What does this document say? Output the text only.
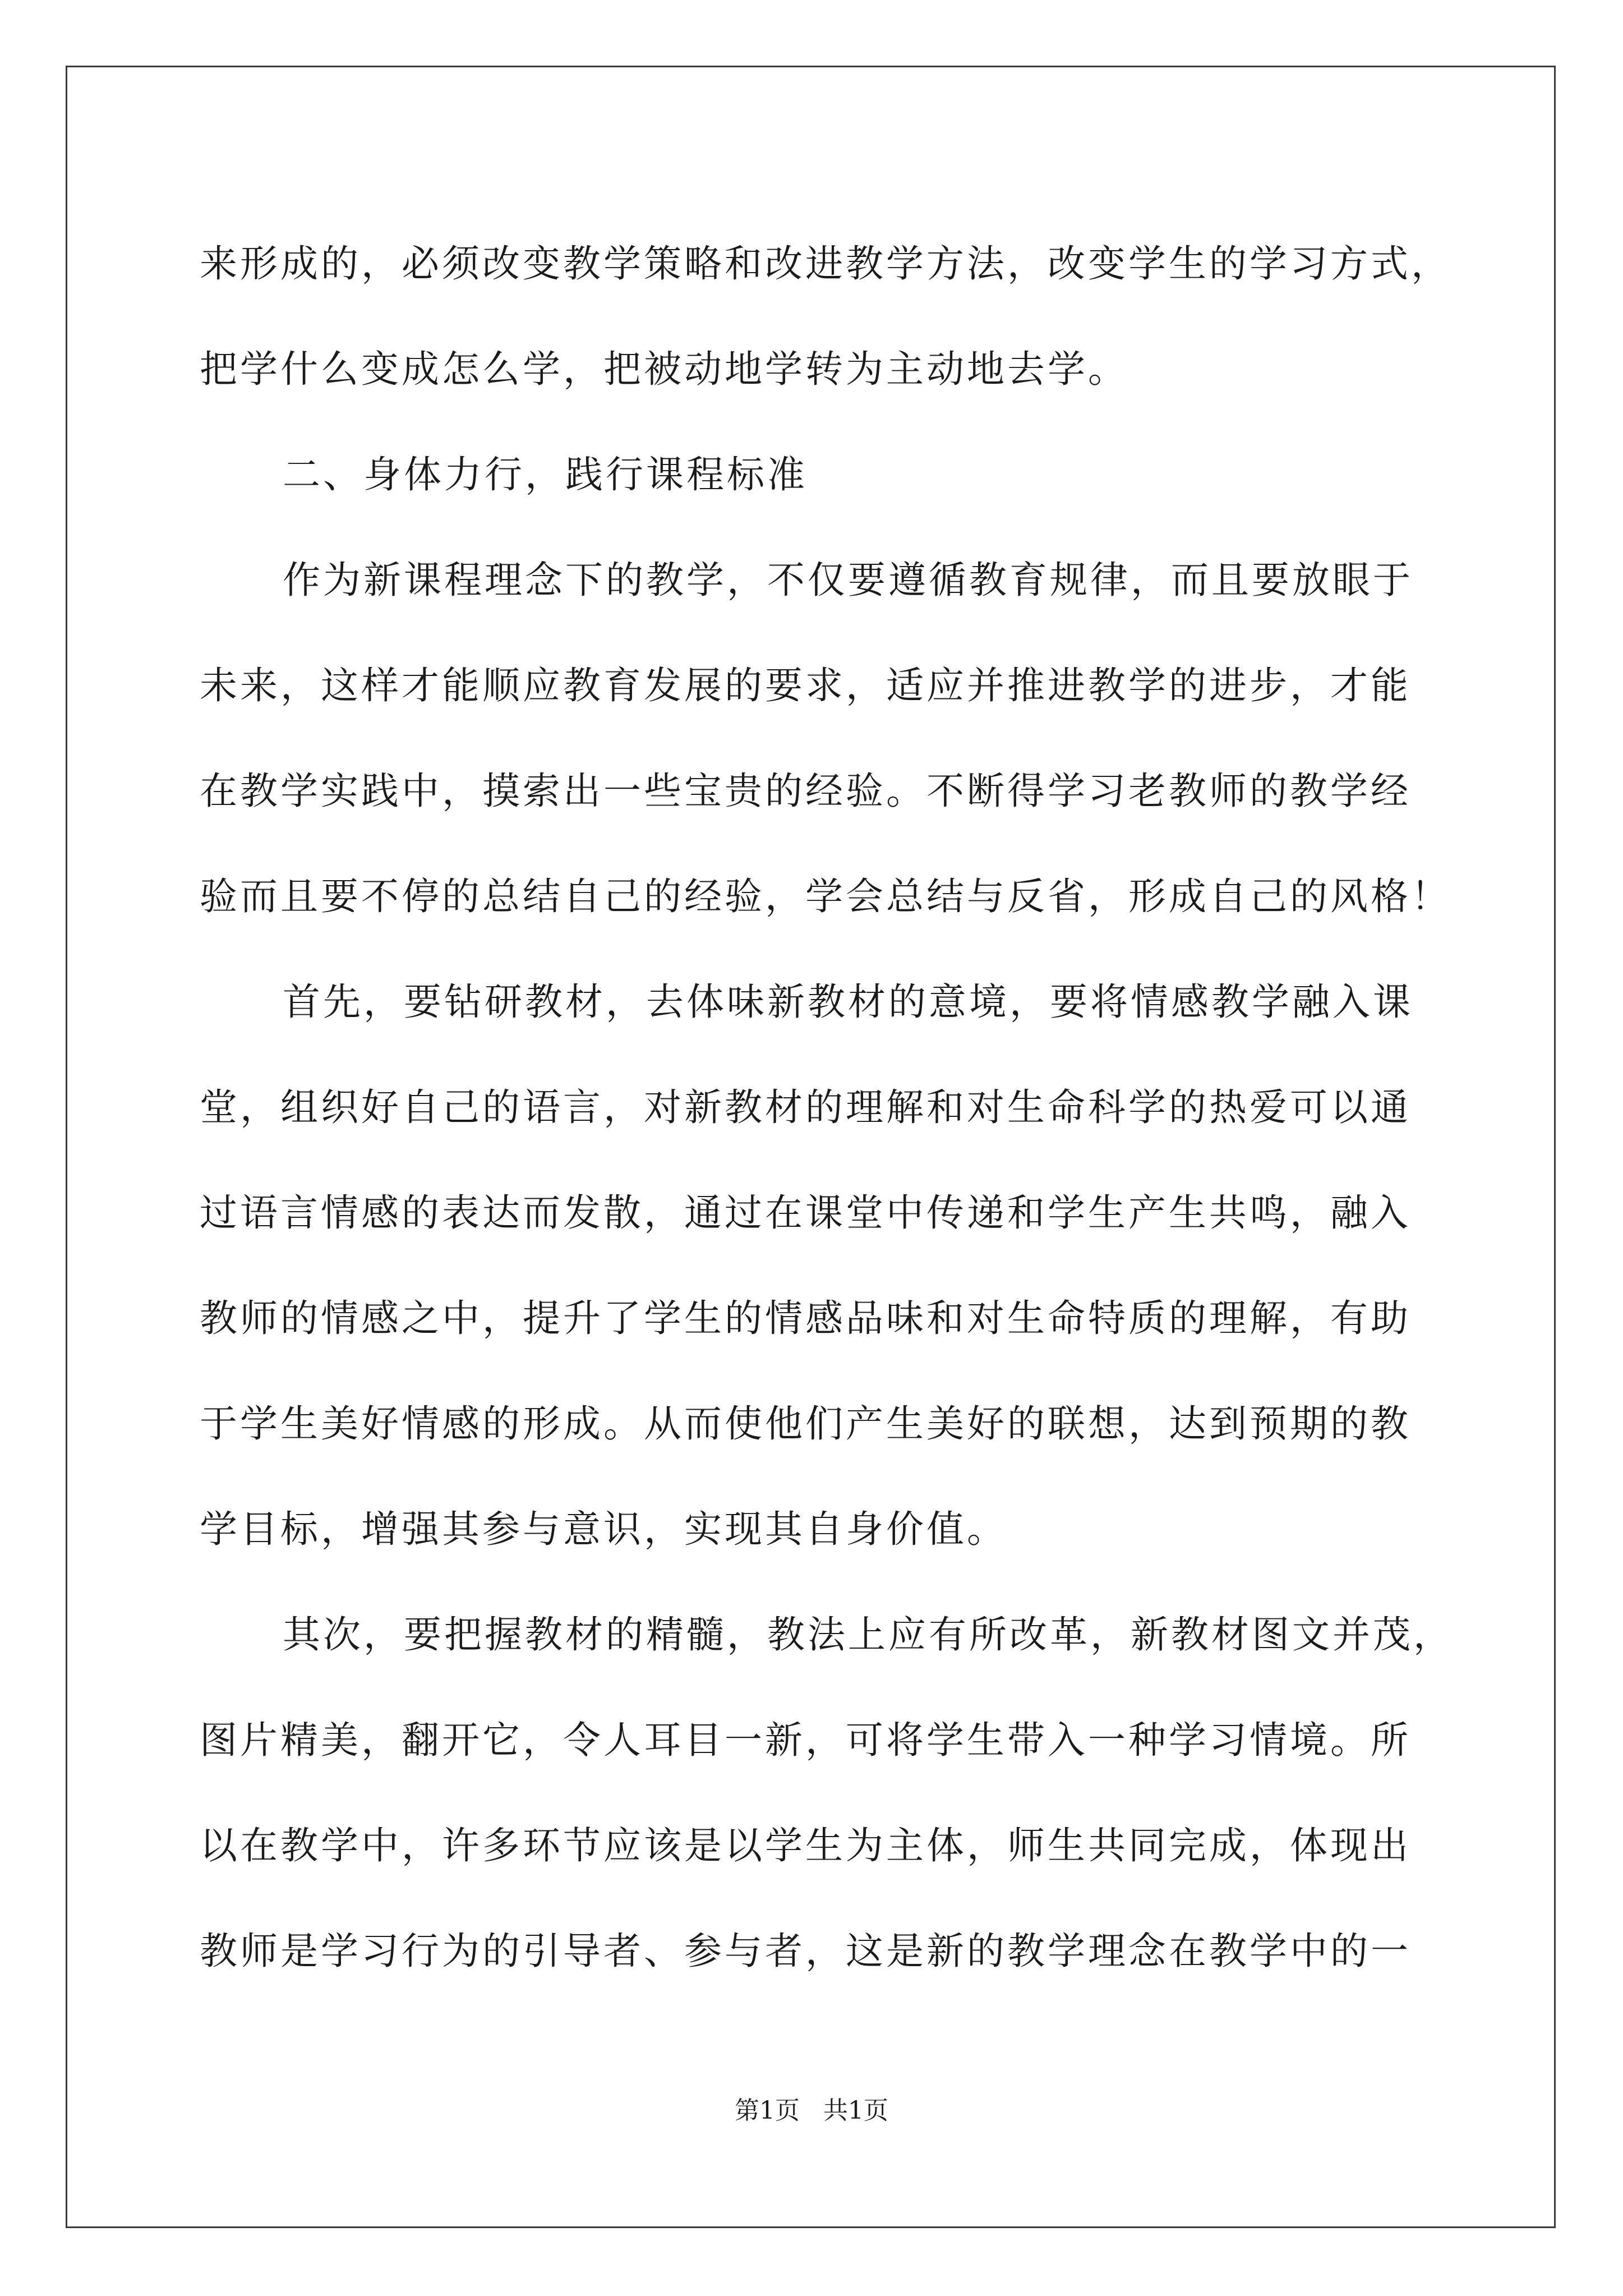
来形成的，必须改变教学策略和改进教学方法，改变学生的学习方式，
把学什么变成怎么学，把被动地学转为主动地去学。
二、身体力行，践行课程标准
作为新课程理念下的教学，不仅要遵循教育规律，而且要放眼于
未来，这样才能顺应教育发展的要求，适应并推进教学的进步，才能
在教学实践中，摸索出一些宝贵的经验。不断得学习老教师的教学经
验而且要不停的总结自己的经验，学会总结与反省，形成自己的风格！
首先，要钻研教材，去体味新教材的意境，要将情感教学融入课
堂，组织好自己的语言，对新教材的理解和对生命科学的热爱可以通
过语言情感的表达而发散，通过在课堂中传递和学生产生共鸣，融入
教师的情感之中，提升了学生的情感品味和对生命特质的理解，有助
于学生美好情感的形成。从而使他们产生美好的联想，达到预期的教
学目标，增强其参与意识，实现其自身价值。
其次，要把握教材的精髓，教法上应有所改革，新教材图文并茂，
图片精美，翻开它，令人耳目一新，可将学生带入一种学习情境。所
以在教学中，许多环节应该是以学生为主体，师生共同完成，体现出
教师是学习行为的引导者、参与者，这是新的教学理念在教学中的一
第1页   共1页
